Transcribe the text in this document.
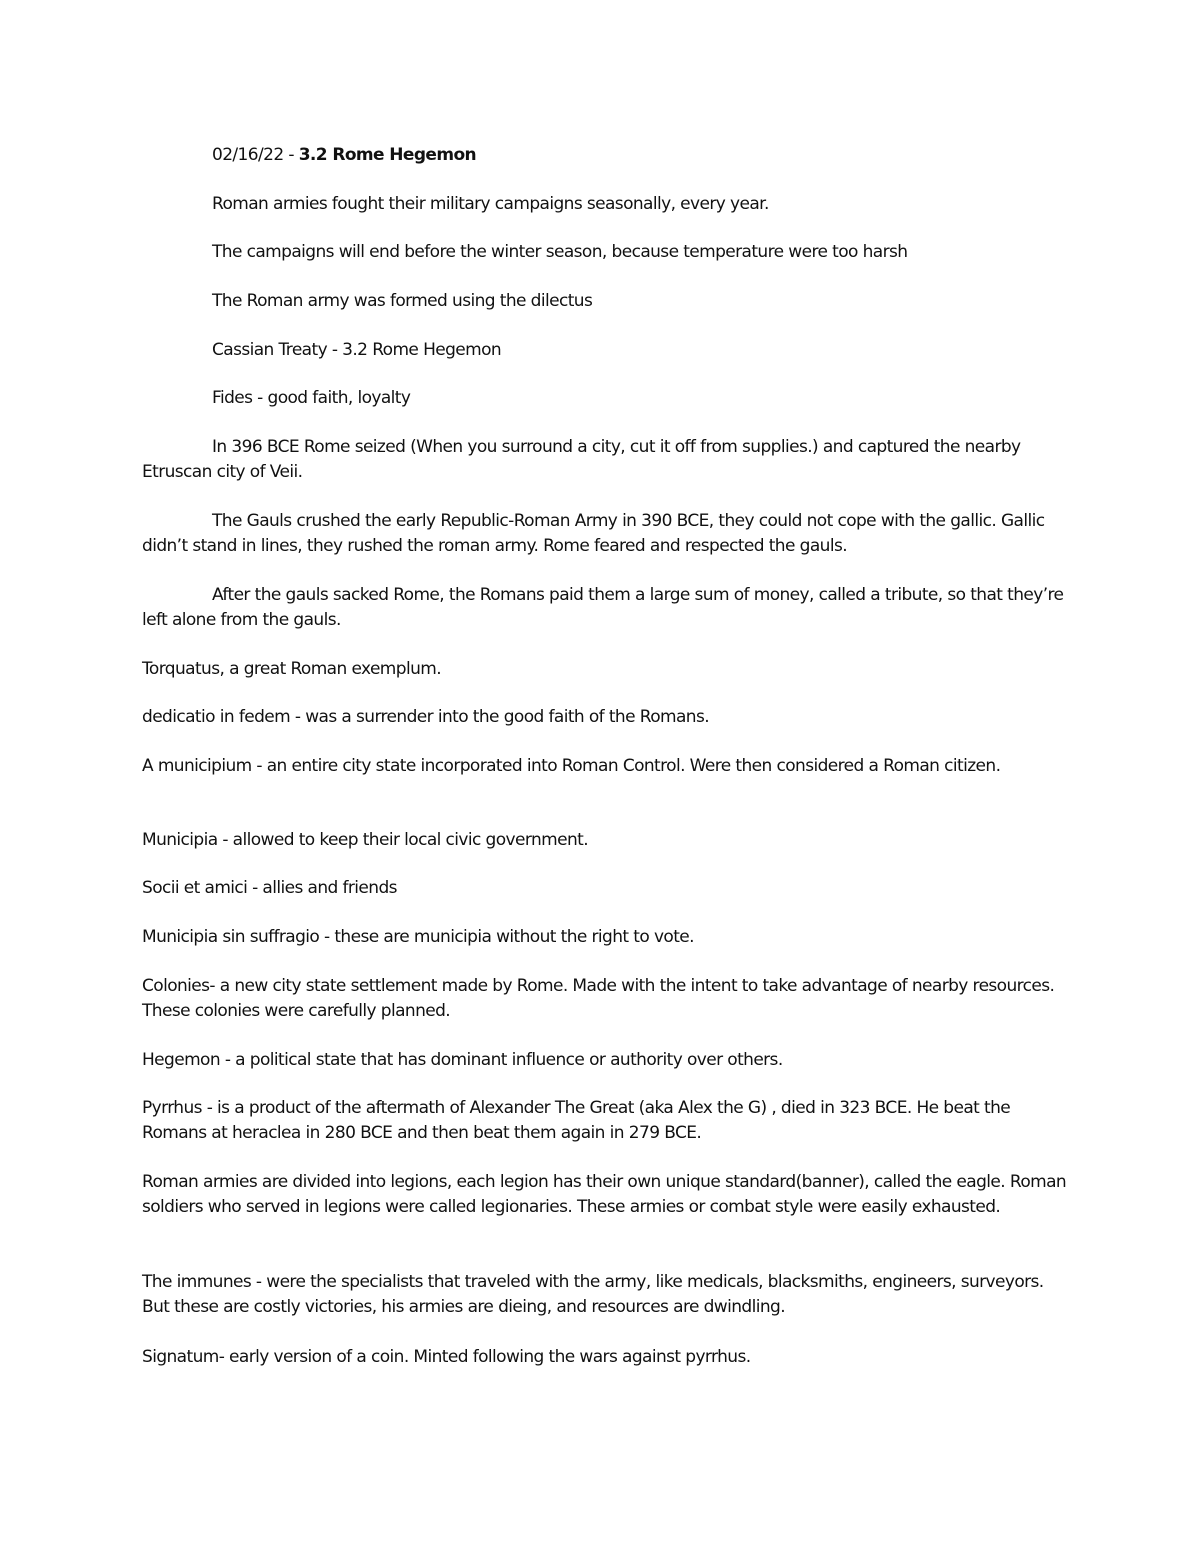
02/16/22 - 3.2 Rome Hegemon
Roman armies fought their military campaigns seasonally, every year.
The campaigns will end before the winter season, because temperature were too harsh
The Roman army was formed using the dilectus
Cassian Treaty - 3.2 Rome Hegemon
Fides - good faith, loyalty
In 396 BCE Rome seized (When you surround a city, cut it off from supplies.) and captured the nearby Etruscan city of Veii.
The Gauls crushed the early Republic-Roman Army in 390 BCE, they could not cope with the gallic. Gallic didn’t stand in lines, they rushed the roman army. Rome feared and respected the gauls.
After the gauls sacked Rome, the Romans paid them a large sum of money, called a tribute, so that they’re left alone from the gauls.
Torquatus, a great Roman exemplum.
dedicatio in fedem - was a surrender into the good faith of the Romans.
A municipium - an entire city state incorporated into Roman Control. Were then considered a Roman citizen.
Municipia - allowed to keep their local civic government.
Socii et amici - allies and friends
Municipia sin suffragio - these are municipia without the right to vote.
Colonies- a new city state settlement made by Rome. Made with the intent to take advantage of nearby resources. These colonies were carefully planned.
Hegemon - a political state that has dominant influence or authority over others.
Pyrrhus - is a product of the aftermath of Alexander The Great (aka Alex the G) , died in 323 BCE. He beat the Romans at heraclea in 280 BCE and then beat them again in 279 BCE.
Roman armies are divided into legions, each legion has their own unique standard(banner), called the eagle. Roman soldiers who served in legions were called legionaries. These armies or combat style were easily exhausted.
The immunes - were the specialists that traveled with the army, like medicals, blacksmiths, engineers, surveyors. But these are costly victories, his armies are dieing, and resources are dwindling.
Signatum- early version of a coin. Minted following the wars against pyrrhus.
